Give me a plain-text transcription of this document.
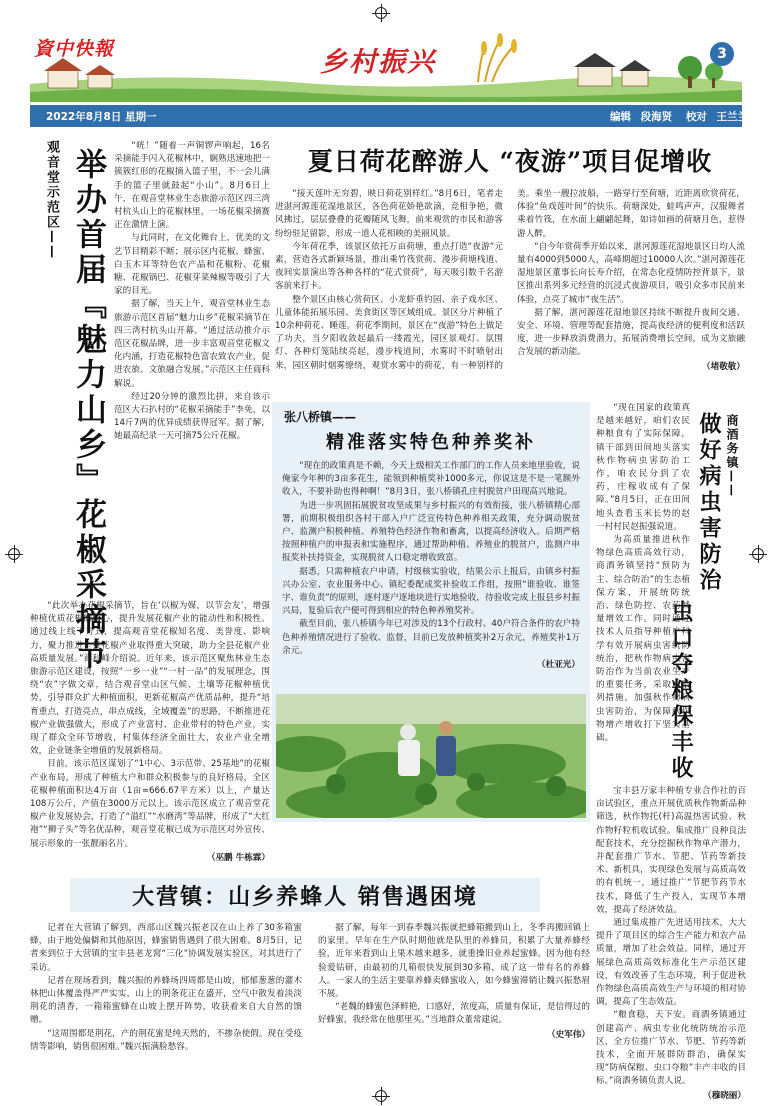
資中快報	乡村振兴	3
2022年8月8日 星期一	编辑 段海贤 校对 王兰兰
观音堂示范区—— 举办首届『魅力山乡』花椒采摘节

“咣！”随着一声铜锣声响起，16名采摘能手闪入花椒林中，娴熟迅速地把一簇簇红形的花椒摘入篮子里，不一会儿满手的篮子里就鼓起“小山”。8月6日上午，在观音堂林业生态旅游示范区四三湾村杭头山上的花椒林里，一场花椒采摘赛正在激情上演。

与此同时，在文化舞台上，优美的文艺节目精彩不断；展示区内花椒、蜂蜜、白玉木耳等特色农产品和花椒粉、花椒糖、花椒锅巴、花椒芽菜辣椒等吸引了大家的目光。

据了解，当天上午，观音堂林业生态旅游示范区首届“魅力山乡”花椒采摘节在四三湾村杭头山开幕。“通过活动推介示范区花椒品牌，进一步丰富观音堂花椒文化内涵，打造花椒特色富农致农产业，促进农旅、文旅融合发展。”示范区主任商科解说。

经过20分钟的激烈比拼，来自该示范区大石扒村的“花椒采摘能手”李免，以14斤7两的优异成绩获得冠军。据了解，她最高纪录一天可摘75公斤花椒。

“此次举办花椒采摘节，旨在‘以椒为媒，以节会友’，增强种植优质花椒的信心，提升发展花椒产业的能动性和积极性。通过线上线下方式，提高观音堂花椒知名度、美誉度、影响力，聚力推进全县花椒产业取得重大突破，助力全县花椒产业高质量发展。”商科峰介绍说。近年来，该示范区聚焦林业生态旅游示范区建设，按照“一乡一业”“一村一品”的发展理念，围绕“农”字做文章，结合观音堂山区气候、土壤等花椒种植优势，引导群众扩大种植面积，更新花椒高产优质品种，提升“培育重点，打造亮点，串点成线，全域覆盖”的思路，不断推进花椒产业做强做大，形成了产业富村、企业带村的特色产业，实现了群众全环节增收，村集体经济全面壮大，农业产业全增效，企业链条全增值的发展新格局。

目前，该示范区谋划了“1中心、3示范带、25基地”的花椒产业布局，形成了种植大户和群众积极参与的良好格局，全区花椒种植面积达4万亩（1亩≈666.67平方米）以上，产量达108万公斤，产值在3000万元以上。该示范区成立了观音堂花椒产业发展协会，打造了“溢红”“水磨湾”等品牌，形成了“大红袍”“狮子头”等名优品种，观音堂花椒已成为示范区对外宣传、展示形象的一张靓丽名片。

（巫鹏 牛栋霖）
夏日荷花醉游人 “夜游”项目促增收

“接天莲叶无穷碧，映日荷花别样红。”8月6日，笔者走进湛河源莲花湿地景区，各色荷花娇艳欲滴，竞相争艳，微风拂过，层层叠叠的花瓣随风飞舞，前来观赏的市民和游客纷纷驻足留影，形成一道人花相映的美丽风景。

今年荷花季，该景区依托万亩荷塘，重点打造“夜游”元素，营造各式新颖场景，推出乘竹筏赏荷、漫步荷塘栈道、夜间实景演出等各种各样的“花式赏荷”，每天吸引数千名游客前来打卡。

整个景区由核心赏荷区、小龙虾垂钓园、亲子戏水区、儿童体能拓展乐园、美食街区等区域组成。景区分片种植了10余种荷花、睡莲。荷花季期间，景区在“夜游”特色上做足了功夫，当夕阳收敛起最后一缕霞光，园区景观灯、氛围灯、各种灯笼陆续亮起，漫步栈道间，水雾时不时喷射出来，园区朝时烟雾缭绕，观赏水雾中的荷花，有一种别样的美。乘坐一艘拉波船，一路穿行至荷塘，近距离欣赏荷花，体验“鱼戏莲叶间”的快乐。荷塘深处，蛙鸣声声，汉服舞者乘着竹筏，在水面上翩翩起舞，如诗如画的荷塘月色，惹得游人醉。

“自今年赏荷季开始以来，湛河源莲花湿地景区日均人流量有4000到5000人，高峰期超过10000人次。”湛河源莲花湿地景区董事长向长寿介绍，在常态化疫情防控背景下，景区推出系列多元经营的沉浸式夜游项目，吸引众多市民前来体验，点亮了城市“夜生活”。

据了解，湛河源莲花湿地景区持续不断提升夜间交通、安全、环境、管理等配套措施，提高夜经济的便利度和活跃度，进一步释放消费潜力，拓展消费增长空间，成为文旅融合发展的新动能。

（堵敬敬）
张八桥镇——
精准落实特色种养奖补

“现在的政策真是不赖，今天上级相关工作部门的工作人员来地里验收，说俺家今年种的3亩多花生，能领到种植奖补1000多元，你说这是不是一笔额外收入，不要补助也得种啊！”8月3日，张八桥镇孔庄村脱贫户田现高兴地说。

为进一步巩固拓展脱贫攻坚成果与乡村振兴的有效衔接，张八桥镇精心部署，前期积极组织各村干部入户广泛宣传特色种养相关政策，充分调动脱贫户、监测户积极种植、养殖特色经济作物和畜禽，以提高经济收入。后期严格按照种植户的申报表和实施程序，通过帮助种植、养殖业的脱贫户，监测户申报奖补扶持资金，实现脱贫人口稳定增收致富。

据悉，只需种植农户申请，村级核实验收，结果公示上报后，由镇乡村振兴办公室、农业服务中心、镇纪委配成奖补验收工作组，按照“谁验收、谁签字、谁负责”的原则，逐村逐户逐地块进行实地验收，待验收完成上报县乡村振兴局，复验后农户便可得到相应的特色种养殖奖补。

截至目前，张八桥镇今年已对涉及的13个行政村、40户符合条件的农户特色种养殖情况进行了验收、监督，目前已发放种植奖补2万余元，养殖奖补1万余元。

（杜亚光）
商酒务镇——
做好病虫害防治
虫口夺粮保丰收

“现在国家的政策真是越来越好，咱们农民种粮食有了实际保障，镇干部到田间地头落实秋作物病虫害防治工作，咱农民分到了农药，庄稼收成有了保障。”8月5日，正在田间地头查看玉米长势的赵一村村民赵振强说道。

为高质量推进秋作物绿色高质高效行动，商酒务镇坚持“预防为主、综合防治”的生态植保方案，开展统防统治、绿色防控、农药减量增效工作。同时通过技术人员指导种植户科学有效开展病虫害统防统治，把秋作物病虫害防治作为当前农业生产的重要任务，采取一系列措施，加强秋作物病虫害防治，为保障秋作物增产增收打下坚实基础。

宝丰县万家丰种植专业合作社的百亩试验区，重点开展优质秋作物新品种筛选，秋作物托(杆)高温热害试验、秋作物籽粒机收试验。集成推广良种良法配套技术，充分挖掘秋作物单产潜力，并配套推广节水、节肥、节药等新技术、新机具，实现绿色发展与高质高效的有机统一，通过推广“节肥节药节水技术，降低了生产投入，实现节本增效，提高了经济效益。

通过集成推广先进适用技术，大大提升了项目区的综合生产能力和农产品质量，增加了社会效益。同样，通过开展绿色高质高效标准化生产示范区建设，有效改善了生态环境，利于促进秋作物绿色高质高效生产与环境的相对协调，提高了生态效益。

“粮食稳，天下安。商酒务镇通过创建高产、病虫专业化统防统治示范区，全方位推广节水、节肥、节药等新技术，全面开展群防群治，确保实现“防病保粮、虫口夺粮”丰产丰收的目标。”商酒务镇负责人说。

（穆晓丽）
大营镇：山乡养蜂人 销售遇困境

记者在大营镇了解到，西部山区魏兴振老汉在山上养了30多箱蜜蜂，由于地处偏僻和其他原因，蜂蜜销售遇到了很大困难。8月5日，记者来到位于大营镇的宝丰县老龙窝“三化”协调发展实验区，对其进行了采访。

记者在现场看到，魏兴振的养蜂场四周都是山坡，郁郁葱葱的灌木林把山体覆盖得严严实实，山上的荆条花正在盛开，空气中散发着淡淡荆花的清香，一箱箱蜜蜂在山坡上摆开阵势，收获着来自大自然的馈赠。

“这周围都是荆花，产的荆花蜜是纯天然的，不掺杂使假。现在受疫情等影响，销售很困难。”魏兴振满脸愁容。

据了解，每年一到春季魏兴振就把蜂箱搬到山上，冬季再搬回镇上的家里。早年在生产队时期他就是队里的养蜂员，积累了大量养蜂经验，近年来看到山上果木越来越多，就重操旧业养起蜜蜂。因为他有经验爱钻研，由最初的几箱很快发展到30多箱，成了这一带有名的养蜂人。一家人的生活主要靠养蜂卖蜂蜜收入，如今蜂蜜滞销让魏兴振愁眉不展。

“老魏的蜂蜜色泽鲜艳，口感好，浓度高，质量有保证，是信得过的好蜂蜜，我经常在他那里买。”当地群众董常建说。

（史军伟）
